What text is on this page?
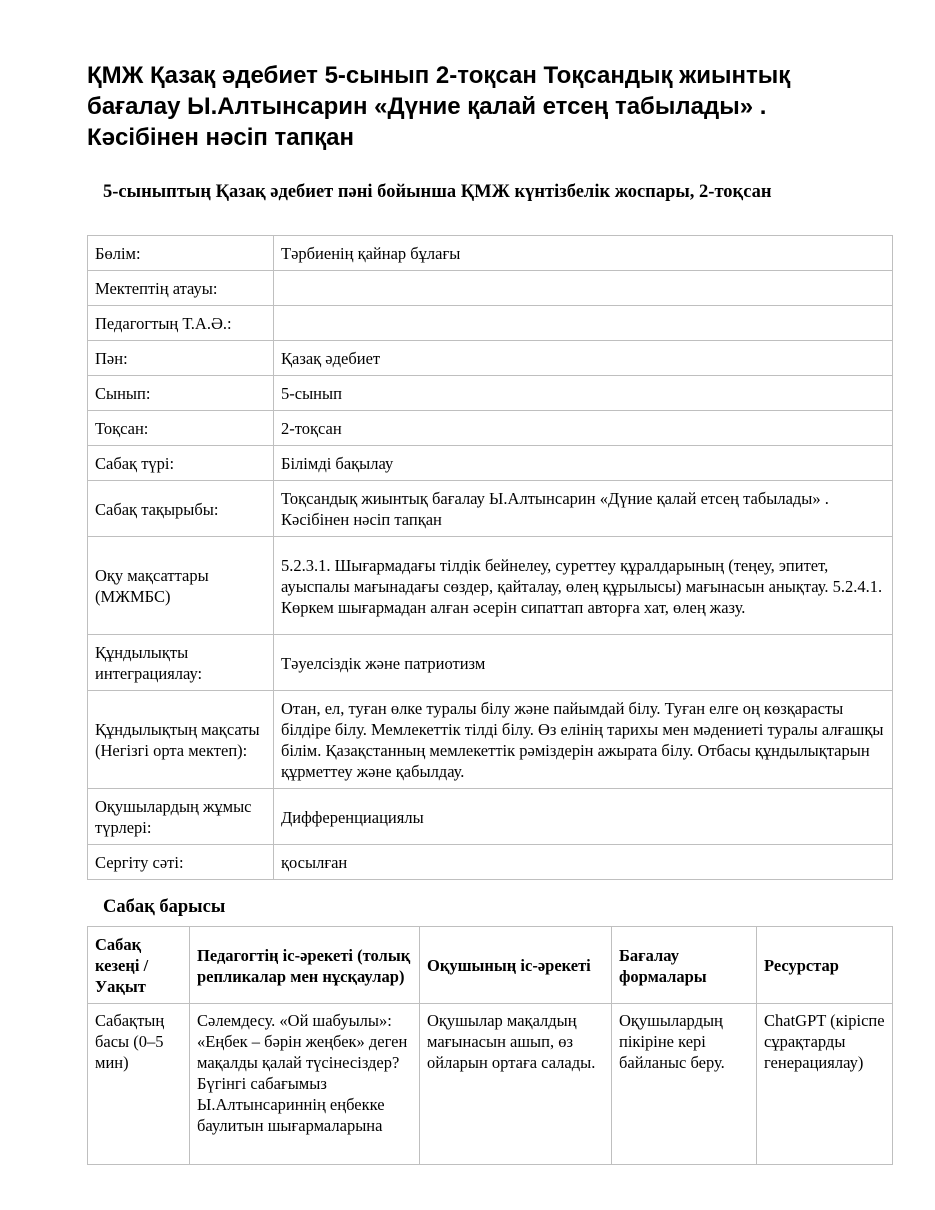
ҚМЖ Қазақ әдебиет 5-сынып 2-тоқсан Тоқсандық жиынтық бағалау Ы.Алтынсарин «Дүние қалай етсең табылады» . Кәсібінен нәсіп тапқан
5-сыныптың Қазақ әдебиет пәні бойынша ҚМЖ күнтізбелік жоспары, 2-тоқсан
Бөлім:	Тәрбиенің қайнар бұлағы
Мектептің атауы:	
Педагогтың Т.А.Ә.:	
Пән:	Қазақ әдебиет
Сынып:	5-сынып
Тоқсан:	2-тоқсан
Сабақ түрі:	Білімді бақылау
Сабақ тақырыбы:	Тоқсандық жиынтық бағалау Ы.Алтынсарин «Дүние қалай етсең табылады» . Кәсібінен нәсіп тапқан
Оқу мақсаттары (МЖМБС)	5.2.3.1. Шығармадағы тілдік бейнелеу, суреттеу құралдарының (теңеу, эпитет, ауыспалы мағынадағы сөздер, қайталау, өлең құрылысы) мағынасын анықтау. 5.2.4.1. Көркем шығармадан алған әсерін сипаттап авторға хат, өлең жазу.
Құндылықты интеграциялау:	Тәуелсіздік және патриотизм
Құндылықтың мақсаты (Негізгі орта мектеп):	Отан, ел, туған өлке туралы білу және пайымдай білу. Туған елге оң көзқарасты білдіре білу. Мемлекеттік тілді білу. Өз елінің тарихы мен мәдениеті туралы алғашқы білім. Қазақстанның мемлекеттік рәміздерін ажырата білу. Отбасы құндылықтарын құрметтеу және қабылдау.
Оқушылардың жұмыс түрлері:	Дифференциациялы
Сергіту сәті:	қосылған
Сабақ барысы
Сабақ кезеңі / Уақыт	Педагогтің іс-әрекеті (толық репликалар мен нұсқаулар)	Оқушының іс-әрекеті	Бағалау формалары	Ресурстар
Сабақтың басы (0–5 мин)	Сәлемдесу. «Ой шабуылы»: «Еңбек – бәрін жеңбек» деген мақалды қалай түсінесіздер? Бүгінгі сабағымыз Ы.Алтынсариннің еңбекке баулитын шығармаларына	Оқушылар мақалдың мағынасын ашып, өз ойларын ортаға салады.	Оқушылардың пікіріне кері байланыс беру.	ChatGPT (кіріспе сұрақтарды генерациялау)
